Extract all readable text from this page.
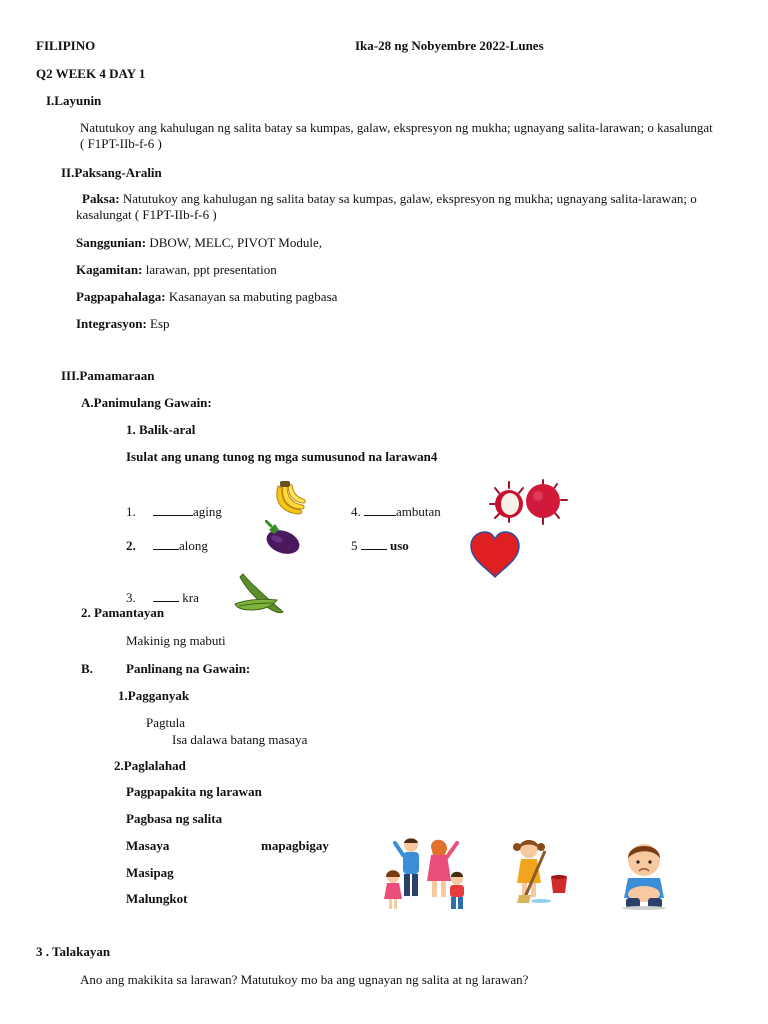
FILIPINO	Ika-28 ng Nobyembre 2022-Lunes
Q2 WEEK 4 DAY 1
I.Layunin
Natutukoy ang kahulugan ng salita batay sa kumpas, galaw, ekspresyon ng mukha; ugnayang salita-larawan; o kasalungat ( F1PT-IIb-f-6 )
II.Paksang-Aralin
Paksa: Natutukoy ang kahulugan ng salita batay sa kumpas, galaw, ekspresyon ng mukha; ugnayang salita-larawan; o kasalungat ( F1PT-IIb-f-6 )
Sanggunian: DBOW, MELC, PIVOT Module,
Kagamitan: larawan, ppt presentation
Pagpapahalaga: Kasanayan sa mabuting pagbasa
Integrasyon: Esp
III.Pamamaraan
A.Panimulang Gawain:
1. Balik-aral
Isulat ang unang tunog ng mga sumusunod na larawan4
1.	aging
2.	along
3.	kra
4.	ambutan
5	uso
2. Pamantayan
Makinig ng mabuti
B.	Panlinang na Gawain:
1.Pagganyak
Pagtula
Isa dalawa batang masaya
2.Paglalahad
Pagpapakita ng larawan
Pagbasa ng salita
Masaya	mapagbigay
Masipag
Malungkot
3 . Talakayan
Ano ang makikita sa larawan? Matutukoy mo ba ang ugnayan ng salita at ng larawan?
